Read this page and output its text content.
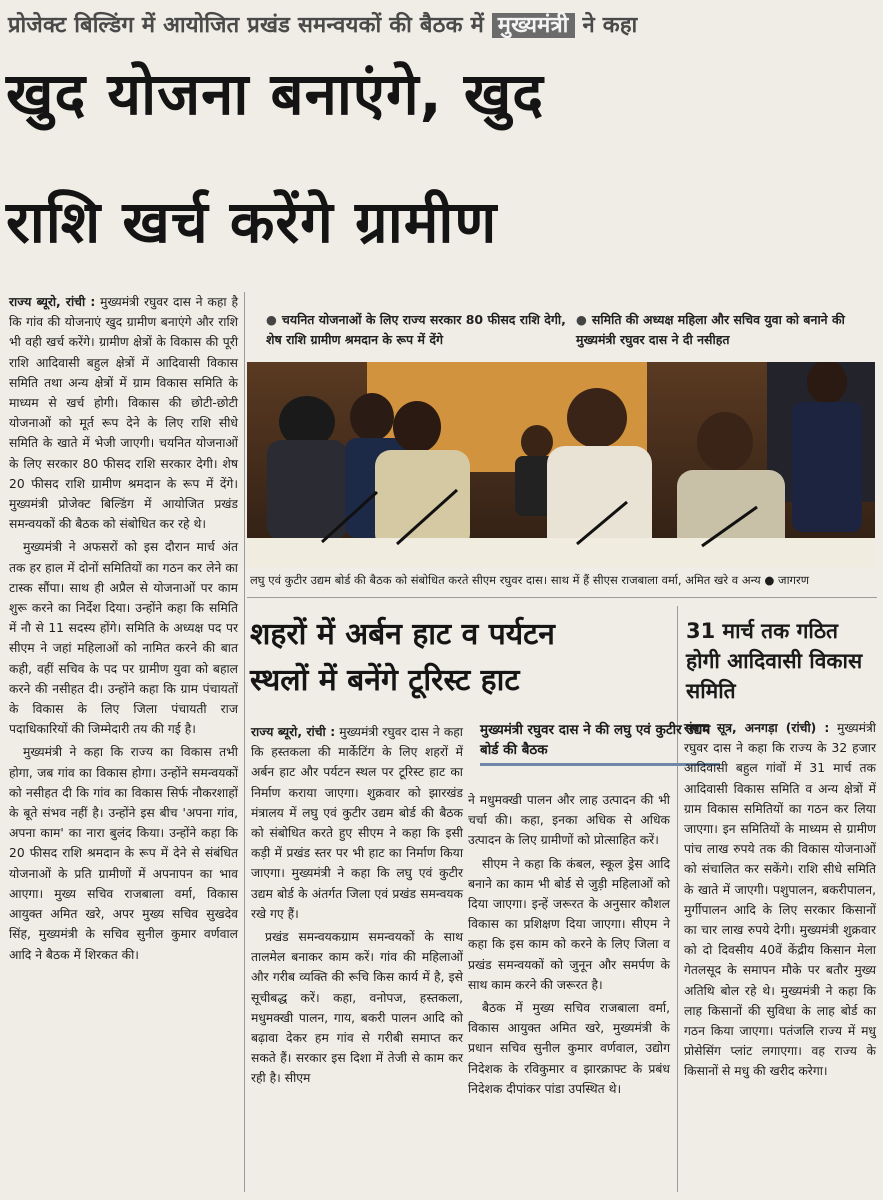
प्रोजेक्ट बिल्डिंग में आयोजित प्रखंड समन्वयकों की बैठक में मुख्यमंत्री ने कहा
खुद योजना बनाएंगे, खुद
राशि खर्च करेंगे ग्रामीण

राज्य ब्यूरो, रांची : मुख्यमंत्री रघुवर दास ने कहा है कि गांव की योजनाएं खुद ग्रामीण बनाएंगे और राशि भी वही खर्च करेंगे। ग्रामीण क्षेत्रों के विकास की पूरी राशि आदिवासी बहुल क्षेत्रों में आदिवासी विकास समिति तथा अन्य क्षेत्रों में ग्राम विकास समिति के माध्यम से खर्च होगी। विकास की छोटी-छोटी योजनाओं को मूर्त रूप देने के लिए राशि सीधे समिति के खाते में भेजी जाएगी। चयनित योजनाओं के लिए सरकार 80 फीसद राशि सरकार देगी। शेष 20 फीसद राशि ग्रामीण श्रमदान के रूप में देंगे। मुख्यमंत्री प्रोजेक्ट बिल्डिंग में आयोजित प्रखंड समन्वयकों की बैठक को संबोधित कर रहे थे।

मुख्यमंत्री ने अफसरों को इस दौरान मार्च अंत तक हर हाल में दोनों समितियों का गठन कर लेने का टास्क सौंपा। साथ ही अप्रैल से योजनाओं पर काम शुरू करने का निर्देश दिया। उन्होंने कहा कि समिति में नौ से 11 सदस्य होंगे। समिति के अध्यक्ष पद पर सीएम ने जहां महिलाओं को नामित करने की बात कही, वहीं सचिव के पद पर ग्रामीण युवा को बहाल करने की नसीहत दी। उन्होंने कहा कि ग्राम पंचायतों के विकास के लिए जिला पंचायती राज पदाधिकारियों की जिम्मेदारी तय की गई है।

मुख्यमंत्री ने कहा कि राज्य का विकास तभी होगा, जब गांव का विकास होगा। उन्होंने समन्वयकों को नसीहत दी कि गांव का विकास सिर्फ नौकरशाहों के बूते संभव नहीं है। उन्होंने इस बीच 'अपना गांव, अपना काम' का नारा बुलंद किया। उन्होंने कहा कि 20 फीसद राशि श्रमदान के रूप में देने से संबंधित योजनाओं के प्रति ग्रामीणों में अपनापन का भाव आएगा। मुख्य सचिव राजबाला वर्मा, विकास आयुक्त अमित खरे, अपर मुख्य सचिव सुखदेव सिंह, मुख्यमंत्री के सचिव सुनील कुमार वर्णवाल आदि ने बैठक में शिरकत की।

● चयनित योजनाओं के लिए राज्य सरकार 80 फीसद राशि देगी, शेष राशि ग्रामीण श्रमदान के रूप में देंगे
● समिति की अध्यक्ष महिला और सचिव युवा को बनाने की मुख्यमंत्री रघुवर दास ने दी नसीहत
लघु एवं कुटीर उद्यम बोर्ड की बैठक को संबोधित करते सीएम रघुवर दास। साथ में हैं सीएस राजबाला वर्मा, अमित खरे व अन्य ● जागरण
शहरों में अर्बन हाट व पर्यटन
स्थलों में बनेंगे टूरिस्ट हाट
31 मार्च तक गठित होगी आदिवासी विकास समिति

राज्य ब्यूरो, रांची : मुख्यमंत्री रघुवर दास ने कहा कि हस्तकला की मार्केटिंग के लिए शहरों में अर्बन हाट और पर्यटन स्थल पर टूरिस्ट हाट का निर्माण कराया जाएगा। शुक्रवार को झारखंड मंत्रालय में लघु एवं कुटीर उद्यम बोर्ड की बैठक को संबोधित करते हुए सीएम ने कहा कि इसी कड़ी में प्रखंड स्तर पर भी हाट का निर्माण किया जाएगा। मुख्यमंत्री ने कहा कि लघु एवं कुटीर उद्यम बोर्ड के अंतर्गत जिला एवं प्रखंड समन्वयक रखे गए हैं।

प्रखंड समन्वयकग्राम समन्वयकों के साथ तालमेल बनाकर काम करें। गांव की महिलाओं और गरीब व्यक्ति की रूचि किस कार्य में है, इसे सूचीबद्ध करें। कहा, वनोपज, हस्तकला, मधुमक्खी पालन, गाय, बकरी पालन आदि को बढ़ावा देकर हम गांव से गरीबी समाप्त कर सकते हैं। सरकार इस दिशा में तेजी से काम कर रही है। सीएम

मुख्यमंत्री रघुवर दास ने की लघु एवं कुटीर उद्यम बोर्ड की बैठक

ने मधुमक्खी पालन और लाह उत्पादन की भी चर्चा की। कहा, इनका अधिक से अधिक उत्पादन के लिए ग्रामीणों को प्रोत्साहित करें।

सीएम ने कहा कि कंबल, स्कूल ड्रेस आदि बनाने का काम भी बोर्ड से जुड़ी महिलाओं को दिया जाएगा। इन्हें जरूरत के अनुसार कौशल विकास का प्रशिक्षण दिया जाएगा। सीएम ने कहा कि इस काम को करने के लिए जिला व प्रखंड समन्वयकों को जुनून और समर्पण के साथ काम करने की जरूरत है।

बैठक में मुख्य सचिव राजबाला वर्मा, विकास आयुक्त अमित खरे, मुख्यमंत्री के प्रधान सचिव सुनील कुमार वर्णवाल, उद्योग निदेशक के रविकुमार व झारक्राफ्ट के प्रबंध निदेशक दीपांकर पांडा उपस्थित थे।

संवाद सूत्र, अनगड़ा (रांची) : मुख्यमंत्री रघुवर दास ने कहा कि राज्य के 32 हजार आदिवासी बहुल गांवों में 31 मार्च तक आदिवासी विकास समिति व अन्य क्षेत्रों में ग्राम विकास समितियों का गठन कर लिया जाएगा। इन समितियों के माध्यम से ग्रामीण पांच लाख रुपये तक की विकास योजनाओं को संचालित कर सकेंगे। राशि सीधे समिति के खाते में जाएगी। पशुपालन, बकरीपालन, मुर्गीपालन आदि के लिए सरकार किसानों का चार लाख रुपये देगी। मुख्यमंत्री शुक्रवार को दो दिवसीय 40वें केंद्रीय किसान मेला गेतलसूद के समापन मौके पर बतौर मुख्य अतिथि बोल रहे थे। मुख्यमंत्री ने कहा कि लाह किसानों की सुविधा के लाह बोर्ड का गठन किया जाएगा। पतंजलि राज्य में मधु प्रोसेसिंग प्लांट लगाएगा। वह राज्य के किसानों से मधु की खरीद करेगा।
